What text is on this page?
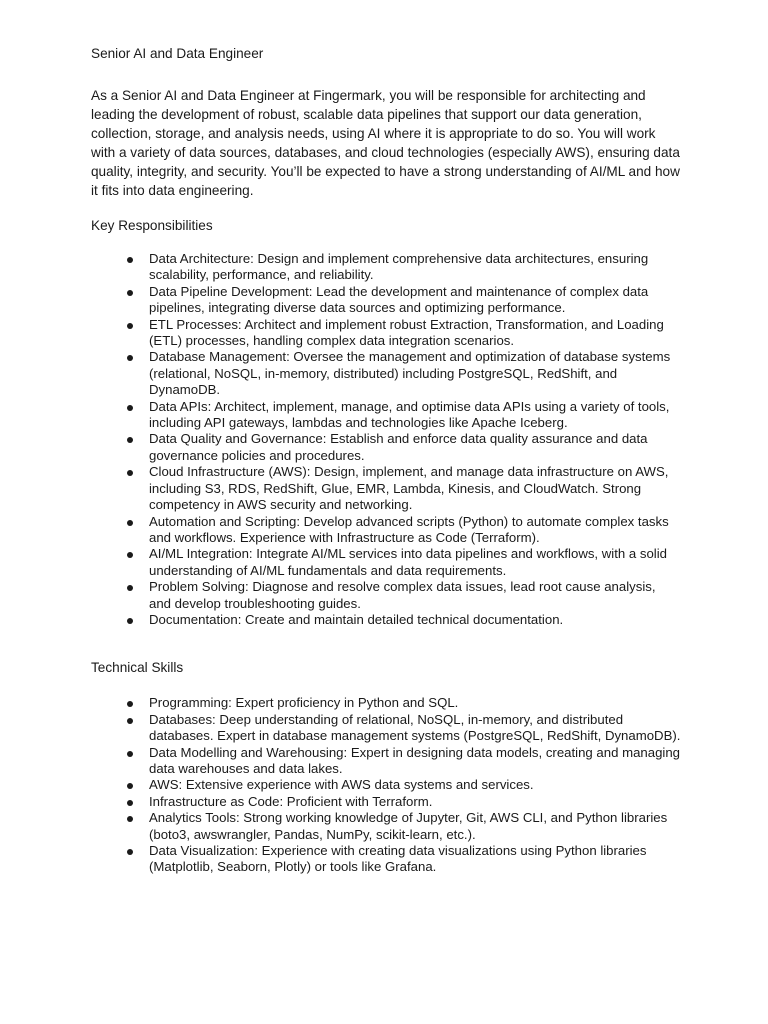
Senior AI and Data Engineer

As a Senior AI and Data Engineer at Fingermark, you will be responsible for architecting and leading the development of robust, scalable data pipelines that support our data generation, collection, storage, and analysis needs, using AI where it is appropriate to do so. You will work with a variety of data sources, databases, and cloud technologies (especially AWS), ensuring data quality, integrity, and security. You’ll be expected to have a strong understanding of AI/ML and how it fits into data engineering.

Key Responsibilities

Data Architecture: Design and implement comprehensive data architectures, ensuring scalability, performance, and reliability.
Data Pipeline Development: Lead the development and maintenance of complex data pipelines, integrating diverse data sources and optimizing performance.
ETL Processes: Architect and implement robust Extraction, Transformation, and Loading (ETL) processes, handling complex data integration scenarios.
Database Management: Oversee the management and optimization of database systems (relational, NoSQL, in-memory, distributed) including PostgreSQL, RedShift, and DynamoDB.
Data APIs: Architect, implement, manage, and optimise data APIs using a variety of tools, including API gateways, lambdas and technologies like Apache Iceberg.
Data Quality and Governance: Establish and enforce data quality assurance and data governance policies and procedures.
Cloud Infrastructure (AWS): Design, implement, and manage data infrastructure on AWS, including S3, RDS, RedShift, Glue, EMR, Lambda, Kinesis, and CloudWatch. Strong competency in AWS security and networking.
Automation and Scripting: Develop advanced scripts (Python) to automate complex tasks and workflows. Experience with Infrastructure as Code (Terraform).
AI/ML Integration: Integrate AI/ML services into data pipelines and workflows, with a solid understanding of AI/ML fundamentals and data requirements.
Problem Solving: Diagnose and resolve complex data issues, lead root cause analysis, and develop troubleshooting guides.
Documentation: Create and maintain detailed technical documentation.

Technical Skills

Programming: Expert proficiency in Python and SQL.
Databases: Deep understanding of relational, NoSQL, in-memory, and distributed databases. Expert in database management systems (PostgreSQL, RedShift, DynamoDB).
Data Modelling and Warehousing: Expert in designing data models, creating and managing data warehouses and data lakes.
AWS: Extensive experience with AWS data systems and services.
Infrastructure as Code: Proficient with Terraform.
Analytics Tools: Strong working knowledge of Jupyter, Git, AWS CLI, and Python libraries (boto3, awswrangler, Pandas, NumPy, scikit-learn, etc.).
Data Visualization: Experience with creating data visualizations using Python libraries (Matplotlib, Seaborn, Plotly) or tools like Grafana.
